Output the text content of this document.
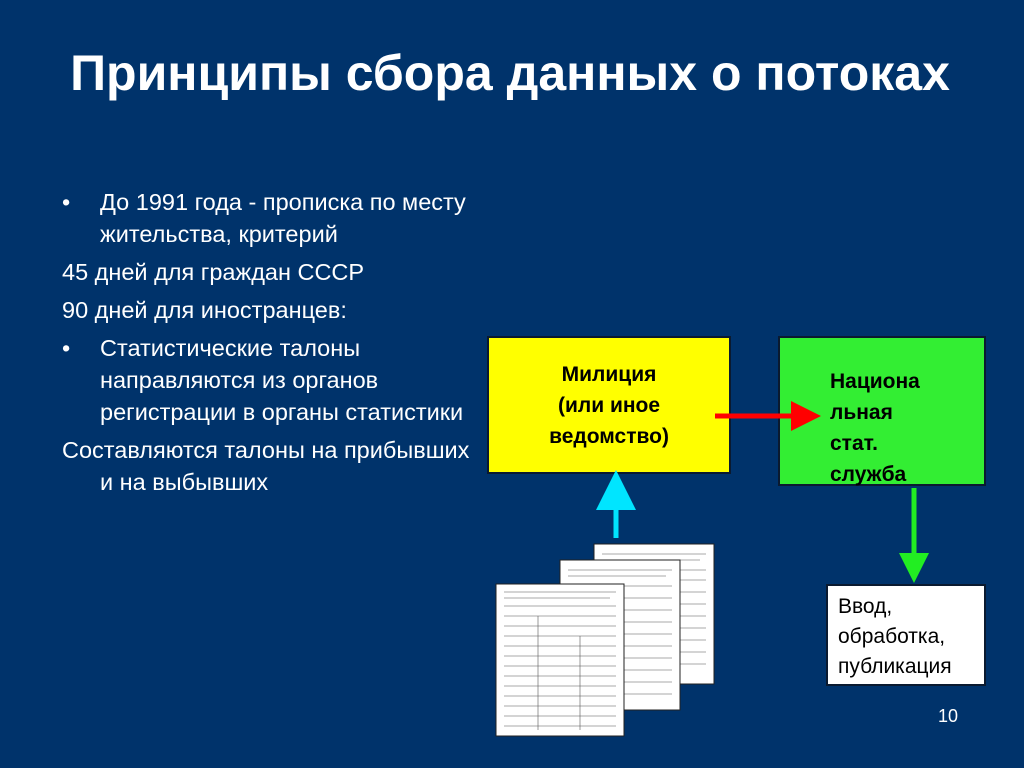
Принципы сбора данных о потоках
• До 1991 года - прописка по месту жительства, критерий
45 дней для граждан СССР
90 дней для иностранцев:
• Статистические талоны направляются из органов регистрации в органы статистики
Составляются талоны на прибывших и на выбывших
Милиция
(или иное
ведомство)
Национа
льная
стат.
служба
Ввод,
обработка,
публикация
10
